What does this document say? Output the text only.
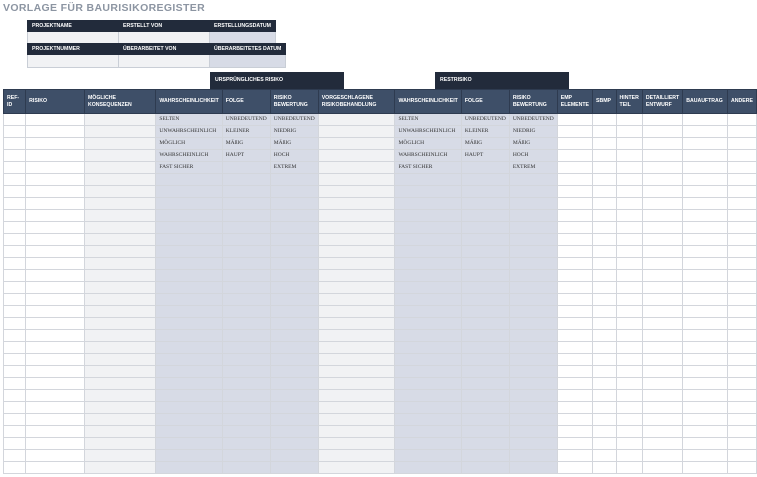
VORLAGE FÜR BAURISIKOREGISTER
PROJEKTNAME	ERSTELLT VON	ERSTELLUNGSDATUM

PROJEKTNUMMER	ÜBERARBEITET VON	ÜBERARBEITETES DATUM

URSPRÜNGLICHES RISIKO	RESTRISIKO
REF-ID	RISIKO	MÖGLICHE KONSEQUENZEN	WAHRSCHEINLICHKEIT	FOLGE	RISIKO BEWERTUNG	VORGESCHLAGENE RISIKOBEHANDLUNG	WAHRSCHEINLICHKEIT	FOLGE	RISIKO BEWERTUNG	EMP ELEMENTE	SBMP	HINTER TEIL	DETAILLIERT ENTWURF	BAUAUFTRAG	ANDERE
			SELTEN	UNBEDEUTEND	UNBEDEUTEND		SELTEN	UNBEDEUTEND	UNBEDEUTEND						
			UNWAHRSCHEINLICH	KLEINER	NIEDRIG		UNWAHRSCHEINLICH	KLEINER	NIEDRIG						
			MÖGLICH	MÄßIG	MÄßIG		MÖGLICH	MÄßIG	MÄßIG						
			WAHRSCHEINLICH	HAUPT	HOCH		WAHRSCHEINLICH	HAUPT	HOCH						
			FAST SICHER		EXTREM		FAST SICHER		EXTREM						
